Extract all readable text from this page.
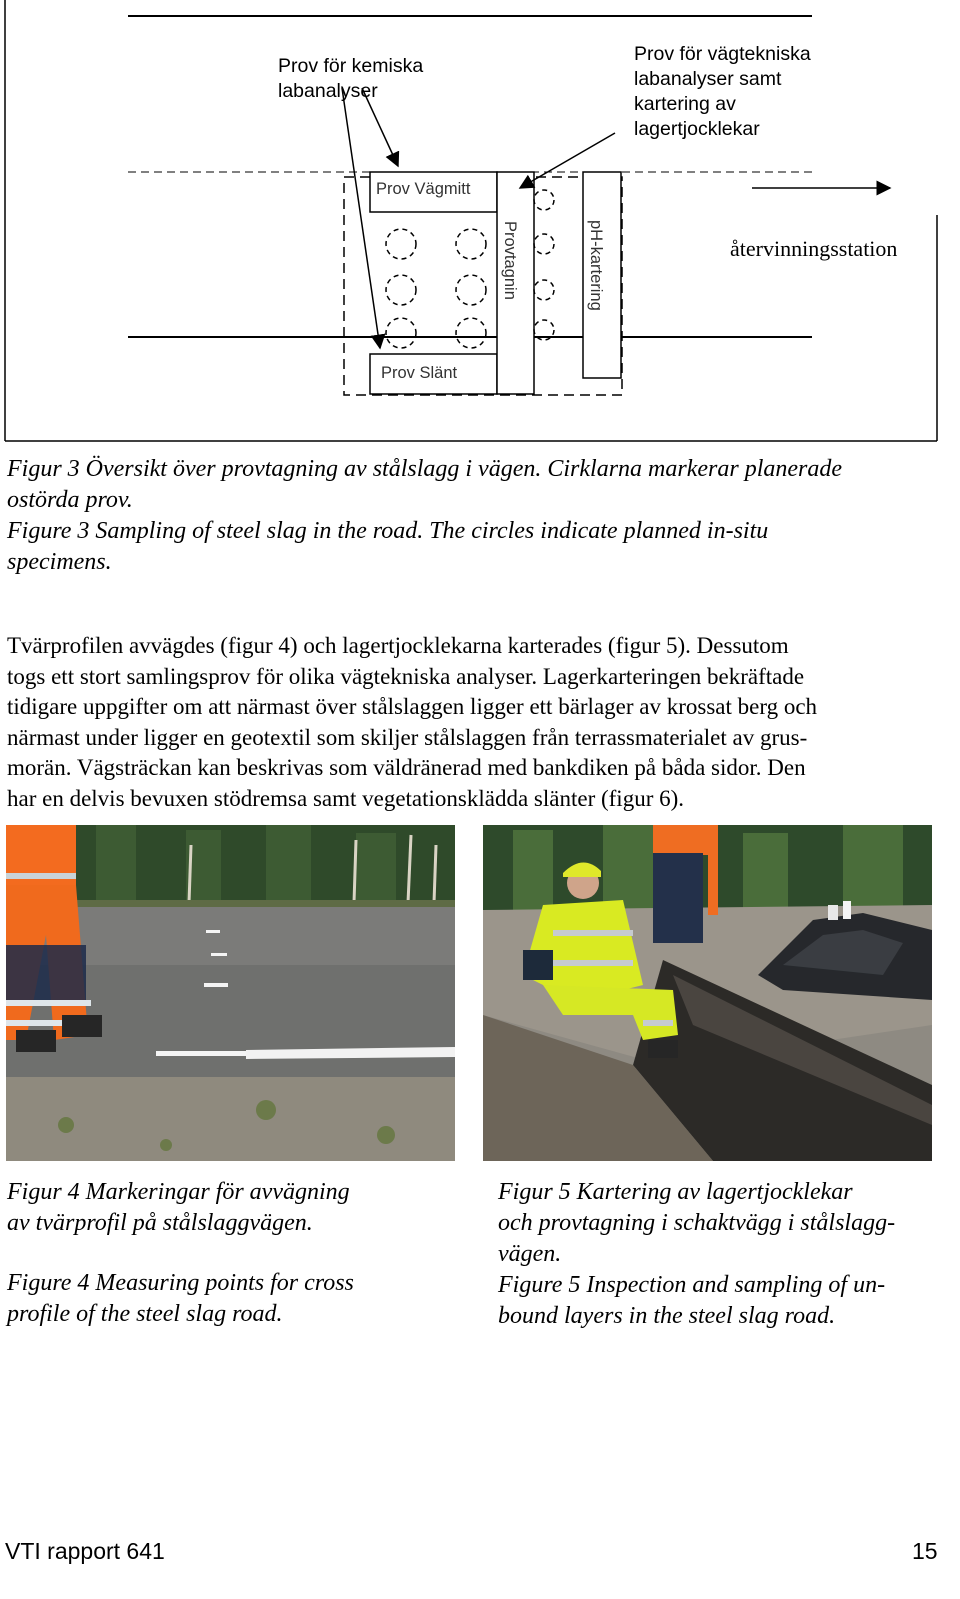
Prov för kemiska
labanalyser
Prov för vägtekniska
labanalyser samt
kartering av
lagertjocklekar
Prov Vägmitt
Prov Slänt
Provtagnin	pH-kartering	återvinningsstation
Figur 3 Översikt över provtagning av stålslagg i vägen. Cirklarna markerar planerade
ostörda prov.
Figure 3 Sampling of steel slag in the road. The circles indicate planned in-situ
specimens.
Tvärprofilen avvägdes (figur 4) och lagertjocklekarna karterades (figur 5). Dessutom
togs ett stort samlingsprov för olika vägtekniska analyser. Lagerkarteringen bekräftade
tidigare uppgifter om att närmast över stålslaggen ligger ett bärlager av krossat berg och
närmast under ligger en geotextil som skiljer stålslaggen från terrassmaterialet av grus-
morän. Vägsträckan kan beskrivas som väldränerad med bankdiken på båda sidor. Den
har en delvis bevuxen stödremsa samt vegetationsklädda slänter (figur 6).
Figur 4 Markeringar för avvägning
av tvärprofil på stålslaggvägen.
Figure 4 Measuring points for cross
profile of the steel slag road.
Figur 5 Kartering av lagertjocklekar
och provtagning i schaktvägg i stålslagg-
vägen.
Figure 5 Inspection and sampling of un-
bound layers in the steel slag road.
VTI rapport 641	15
